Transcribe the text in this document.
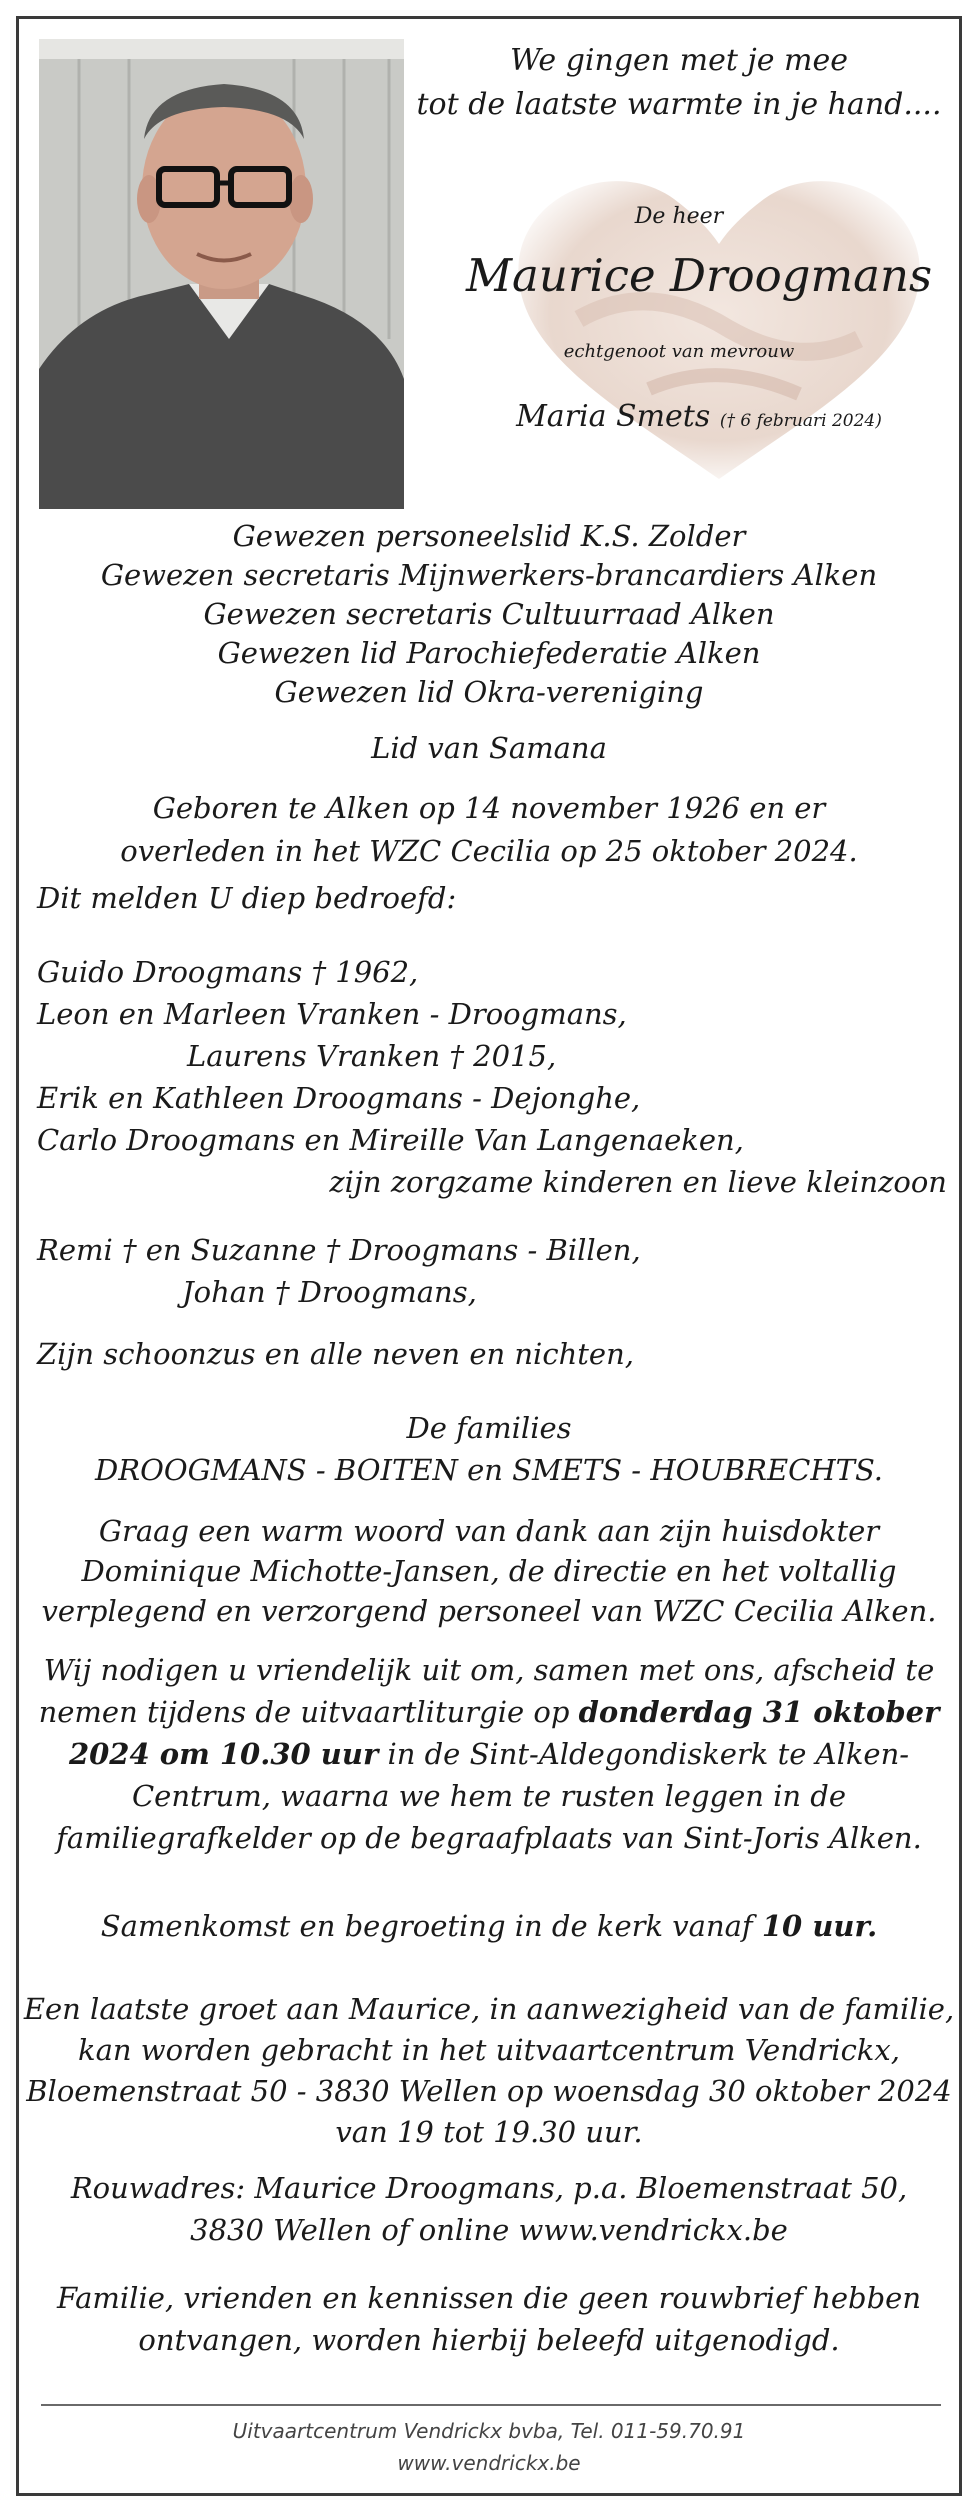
We gingen met je mee
tot de laatste warmte in je hand....
De heer
Maurice Droogmans
echtgenoot van mevrouw
Maria Smets († 6 februari 2024)
Gewezen personeelslid K.S. Zolder
Gewezen secretaris Mijnwerkers-brancardiers Alken
Gewezen secretaris Cultuurraad Alken
Gewezen lid Parochiefederatie Alken
Gewezen lid Okra-vereniging
Lid van Samana
Geboren te Alken op 14 november 1926 en er
overleden in het WZC Cecilia op 25 oktober 2024.
Dit melden U diep bedroefd:
Guido Droogmans † 1962,
Leon en Marleen Vranken - Droogmans,
Laurens Vranken † 2015,
Erik en Kathleen Droogmans - Dejonghe,
Carlo Droogmans en Mireille Van Langenaeken,
zijn zorgzame kinderen en lieve kleinzoon
Remi † en Suzanne † Droogmans - Billen,
Johan † Droogmans,
Zijn schoonzus en alle neven en nichten,
De families
DROOGMANS - BOITEN en SMETS - HOUBRECHTS.
Graag een warm woord van dank aan zijn huisdokter
Dominique Michotte-Jansen, de directie en het voltallig
verplegend en verzorgend personeel van WZC Cecilia Alken.
Wij nodigen u vriendelijk uit om, samen met ons, afscheid te
nemen tijdens de uitvaartliturgie op donderdag 31 oktober
2024 om 10.30 uur in de Sint-Aldegondiskerk te Alken-
Centrum, waarna we hem te rusten leggen in de
familiegrafkelder op de begraafplaats van Sint-Joris Alken.
Samenkomst en begroeting in de kerk vanaf 10 uur.
Een laatste groet aan Maurice, in aanwezigheid van de familie,
kan worden gebracht in het uitvaartcentrum Vendrickx,
Bloemenstraat 50 - 3830 Wellen op woensdag 30 oktober 2024
van 19 tot 19.30 uur.
Rouwadres: Maurice Droogmans, p.a. Bloemenstraat 50,
3830 Wellen of online www.vendrickx.be
Familie, vrienden en kennissen die geen rouwbrief hebben
ontvangen, worden hierbij beleefd uitgenodigd.
Uitvaartcentrum Vendrickx bvba, Tel. 011-59.70.91
www.vendrickx.be
